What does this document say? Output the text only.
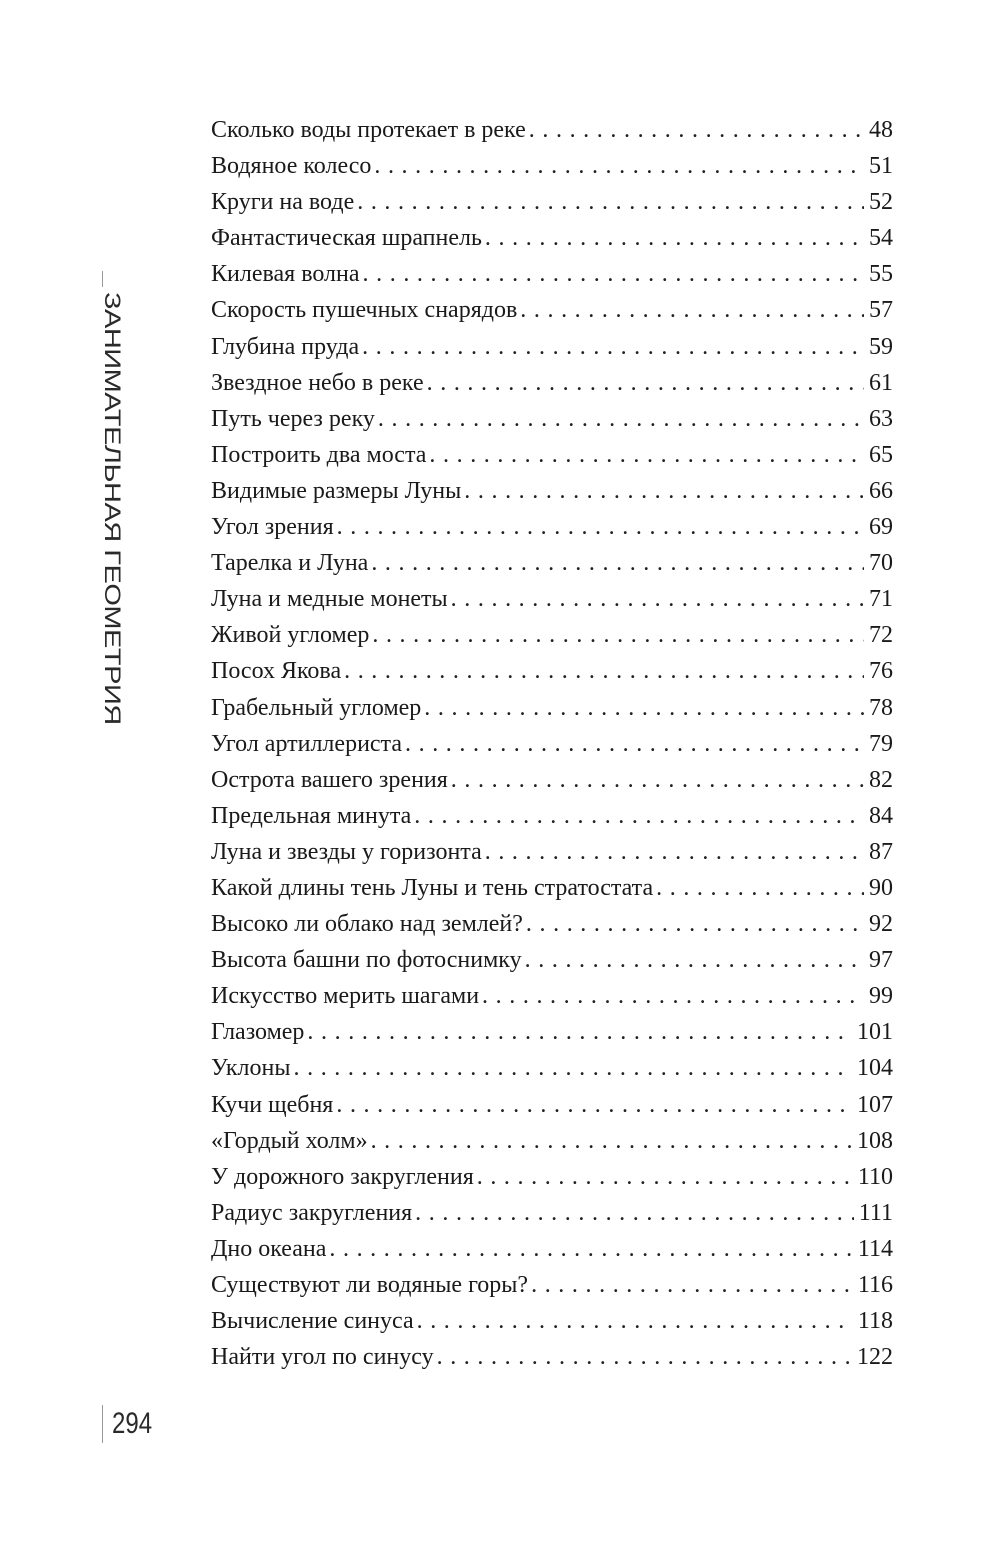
ЗАНИМАТЕЛЬНАЯ ГЕОМЕТРИЯ
Сколько воды протекает в реке . . .	48
Водяное колесо . . .	51
Круги на воде . . .	52
Фантастическая шрапнель . . .	54
Килевая волна . . .	55
Скорость пушечных снарядов . . .	57
Глубина пруда . . .	59
Звездное небо в реке . . .	61
Путь через реку . . .	63
Построить два моста . . .	65
Видимые размеры Луны . . .	66
Угол зрения . . .	69
Тарелка и Луна . . .	70
Луна и медные монеты . . .	71
Живой угломер . . .	72
Посох Якова . . .	76
Грабельный угломер . . .	78
Угол артиллериста . . .	79
Острота вашего зрения . . .	82
Предельная минута . . .	84
Луна и звезды у горизонта . . .	87
Какой длины тень Луны и тень стратостата . . .	90
Высоко ли облако над землей? . . .	92
Высота башни по фотоснимку . . .	97
Искусство мерить шагами . . .	99
Глазомер . . .	101
Уклоны . . .	104
Кучи щебня . . .	107
«Гордый холм» . . .	108
У дорожного закругления . . .	110
Радиус закругления . . .	111
Дно океана . . .	114
Существуют ли водяные горы? . . .	116
Вычисление синуса . . .	118
Найти угол по синусу . . .	122
294
